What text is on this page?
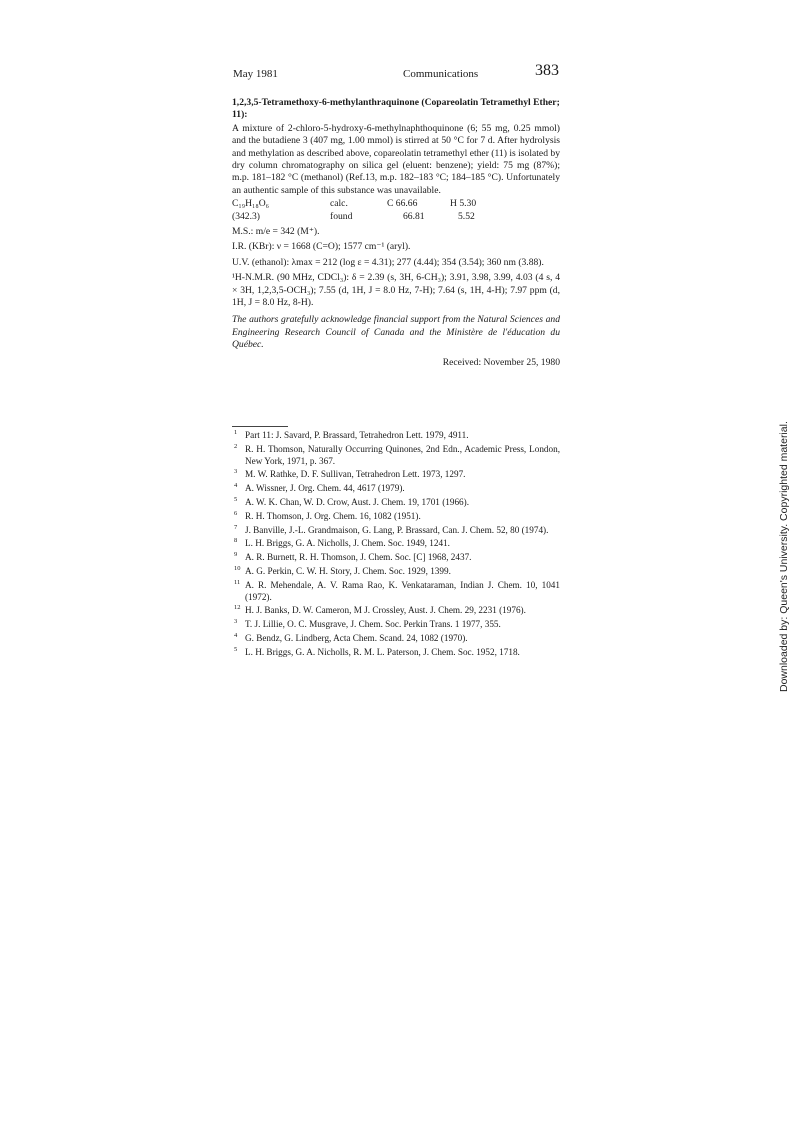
May 1981	Communications	383
1,2,3,5-Tetramethoxy-6-methylanthraquinone (Copareolatin Tetramethyl Ether; 11):

A mixture of 2-chloro-5-hydroxy-6-methylnaphthoquinone (6; 55 mg, 0.25 mmol) and the butadiene 3 (407 mg, 1.00 mmol) is stirred at 50 °C for 7 d. After hydrolysis and methylation as described above, copareolatin tetramethyl ether (11) is isolated by dry column chromatography on silica gel (eluent: benzene); yield: 75 mg (87%); m.p. 181–182 °C (methanol) (Ref.13, m.p. 182–183 °C; 184–185 °C). Unfortunately an authentic sample of this substance was unavailable.

C₁₉H₁₈O₆	calc.	C 66.66	H 5.30
(342.3)	found	66.81	5.52
M.S.: m/e = 342 (M⁺).
I.R. (KBr): ν = 1668 (C=O); 1577 cm⁻¹ (aryl).
U.V. (ethanol): λmax = 212 (log ε = 4.31); 277 (4.44); 354 (3.54); 360 nm (3.88).
¹H-N.M.R. (90 MHz, CDCl₃): δ = 2.39 (s, 3H, 6-CH₃); 3.91, 3.98, 3.99, 4.03 (4 s, 4 × 3H, 1,2,3,5-OCH₃); 7.55 (d, 1H, J = 8.0 Hz, 7-H); 7.64 (s, 1H, 4-H); 7.97 ppm (d, 1H, J = 8.0 Hz, 8-H).
The authors gratefully acknowledge financial support from the Natural Sciences and Engineering Research Council of Canada and the Ministère de l'éducation du Québec.
Received: November 25, 1980
1 Part 11: J. Savard, P. Brassard, Tetrahedron Lett. 1979, 4911.
2 R. H. Thomson, Naturally Occurring Quinones, 2nd Edn., Academic Press, London, New York, 1971, p. 367.
3 M. W. Rathke, D. F. Sullivan, Tetrahedron Lett. 1973, 1297.
4 A. Wissner, J. Org. Chem. 44, 4617 (1979).
5 A. W. K. Chan, W. D. Crow, Aust. J. Chem. 19, 1701 (1966).
6 R. H. Thomson, J. Org. Chem. 16, 1082 (1951).
7 J. Banville, J.-L. Grandmaison, G. Lang, P. Brassard, Can. J. Chem. 52, 80 (1974).
8 L. H. Briggs, G. A. Nicholls, J. Chem. Soc. 1949, 1241.
9 A. R. Burnett, R. H. Thomson, J. Chem. Soc. [C] 1968, 2437.
10 A. G. Perkin, C. W. H. Story, J. Chem. Soc. 1929, 1399.
11 A. R. Mehendale, A. V. Rama Rao, K. Venkataraman, Indian J. Chem. 10, 1041 (1972).
12 H. J. Banks, D. W. Cameron, M J. Crossley, Aust. J. Chem. 29, 2231 (1976).
3 T. J. Lillie, O. C. Musgrave, J. Chem. Soc. Perkin Trans. 1 1977, 355.
4 G. Bendz, G. Lindberg, Acta Chem. Scand. 24, 1082 (1970).
5 L. H. Briggs, G. A. Nicholls, R. M. L. Paterson, J. Chem. Soc. 1952, 1718.	Downloaded by: Queen's University. Copyrighted material.
